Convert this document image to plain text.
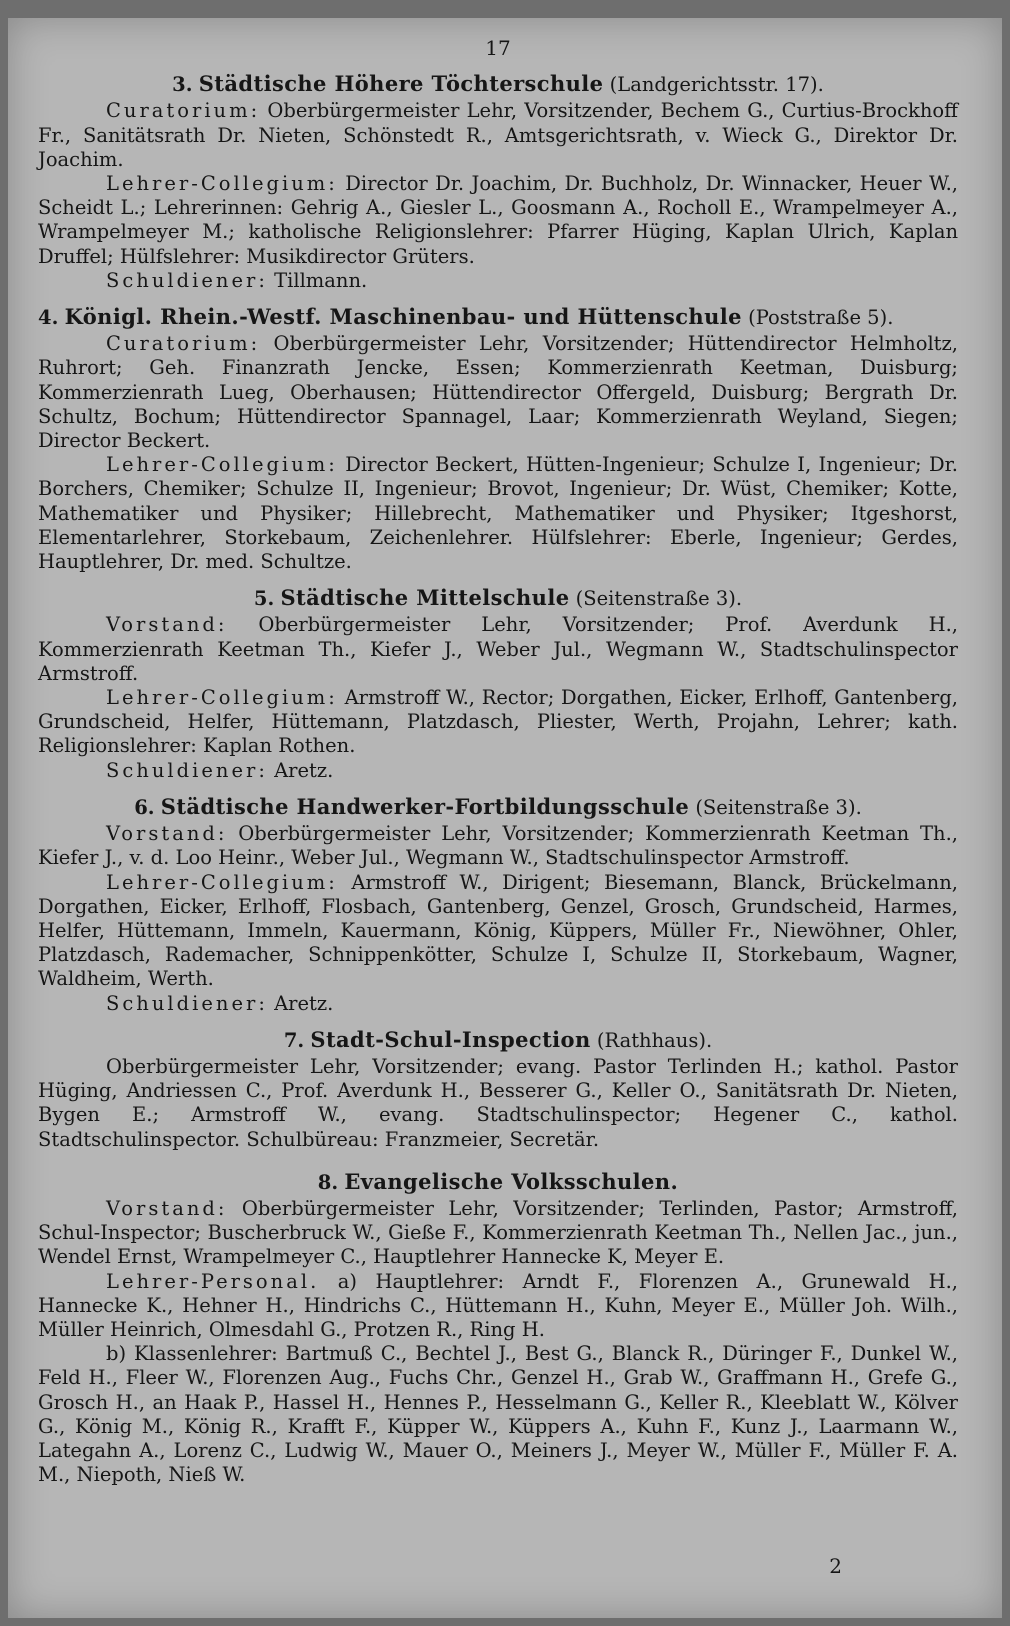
17
3. Städtische Höhere Töchterschule (Landgerichtsstr. 17).

Curatorium: Oberbürgermeister Lehr, Vorsitzender, Bechem G., Curtius-Brockhoff Fr., Sanitätsrath Dr. Nieten, Schönstedt R., Amtsgerichtsrath, v. Wieck G., Direktor Dr. Joachim.

Lehrer-Collegium: Director Dr. Joachim, Dr. Buchholz, Dr. Winnacker, Heuer W., Scheidt L.; Lehrerinnen: Gehrig A., Giesler L., Goosmann A., Rocholl E., Wrampelmeyer A., Wrampelmeyer M.; katholische Religionslehrer: Pfarrer Hüging, Kaplan Ulrich, Kaplan Druffel; Hülfslehrer: Musikdirector Grüters.

Schuldiener: Tillmann.

4. Königl. Rhein.-Westf. Maschinenbau- und Hüttenschule (Poststraße 5).

Curatorium: Oberbürgermeister Lehr, Vorsitzender; Hüttendirector Helmholtz, Ruhrort; Geh. Finanzrath Jencke, Essen; Kommerzienrath Keetman, Duisburg; Kommerzienrath Lueg, Oberhausen; Hüttendirector Offergeld, Duisburg; Bergrath Dr. Schultz, Bochum; Hüttendirector Spannagel, Laar; Kommerzienrath Weyland, Siegen; Director Beckert.

Lehrer-Collegium: Director Beckert, Hütten-Ingenieur; Schulze I, Ingenieur; Dr. Borchers, Chemiker; Schulze II, Ingenieur; Brovot, Ingenieur; Dr. Wüst, Chemiker; Kotte, Mathematiker und Physiker; Hillebrecht, Mathematiker und Physiker; Itgeshorst, Elementarlehrer, Storkebaum, Zeichenlehrer. Hülfslehrer: Eberle, Ingenieur; Gerdes, Hauptlehrer, Dr. med. Schultze.

5. Städtische Mittelschule (Seitenstraße 3).

Vorstand: Oberbürgermeister Lehr, Vorsitzender; Prof. Averdunk H., Kommerzienrath Keetman Th., Kiefer J., Weber Jul., Wegmann W., Stadtschulinspector Armstroff.

Lehrer-Collegium: Armstroff W., Rector; Dorgathen, Eicker, Erlhoff, Gantenberg, Grundscheid, Helfer, Hüttemann, Platzdasch, Pliester, Werth, Projahn, Lehrer; kath. Religionslehrer: Kaplan Rothen.

Schuldiener: Aretz.

6. Städtische Handwerker-Fortbildungsschule (Seitenstraße 3).

Vorstand: Oberbürgermeister Lehr, Vorsitzender; Kommerzienrath Keetman Th., Kiefer J., v. d. Loo Heinr., Weber Jul., Wegmann W., Stadtschulinspector Armstroff.

Lehrer-Collegium: Armstroff W., Dirigent; Biesemann, Blanck, Brückelmann, Dorgathen, Eicker, Erlhoff, Flosbach, Gantenberg, Genzel, Grosch, Grundscheid, Harmes, Helfer, Hüttemann, Immeln, Kauermann, König, Küppers, Müller Fr., Niewöhner, Ohler, Platzdasch, Rademacher, Schnippenkötter, Schulze I, Schulze II, Storkebaum, Wagner, Waldheim, Werth.

Schuldiener: Aretz.

7. Stadt-Schul-Inspection (Rathhaus).

Oberbürgermeister Lehr, Vorsitzender; evang. Pastor Terlinden H.; kathol. Pastor Hüging, Andriessen C., Prof. Averdunk H., Besserer G., Keller O., Sanitätsrath Dr. Nieten, Bygen E.; Armstroff W., evang. Stadtschulinspector; Hegener C., kathol. Stadtschulinspector. Schulbüreau: Franzmeier, Secretär.

8. Evangelische Volksschulen.

Vorstand: Oberbürgermeister Lehr, Vorsitzender; Terlinden, Pastor; Armstroff, Schul-Inspector; Buscherbruck W., Gieße F., Kommerzienrath Keetman Th., Nellen Jac., jun., Wendel Ernst, Wrampelmeyer C., Hauptlehrer Hannecke K, Meyer E.

Lehrer-Personal. a) Hauptlehrer: Arndt F., Florenzen A., Grunewald H., Hannecke K., Hehner H., Hindrichs C., Hüttemann H., Kuhn, Meyer E., Müller Joh. Wilh., Müller Heinrich, Olmesdahl G., Protzen R., Ring H.

b) Klassenlehrer: Bartmuß C., Bechtel J., Best G., Blanck R., Düringer F., Dunkel W., Feld H., Fleer W., Florenzen Aug., Fuchs Chr., Genzel H., Grab W., Graffmann H., Grefe G., Grosch H., an Haak P., Hassel H., Hennes P., Hesselmann G., Keller R., Kleeblatt W., Kölver G., König M., König R., Krafft F., Küpper W., Küppers A., Kuhn F., Kunz J., Laarmann W., Lategahn A., Lorenz C., Ludwig W., Mauer O., Meiners J., Meyer W., Müller F., Müller F. A. M., Niepoth, Nieß W.

2
